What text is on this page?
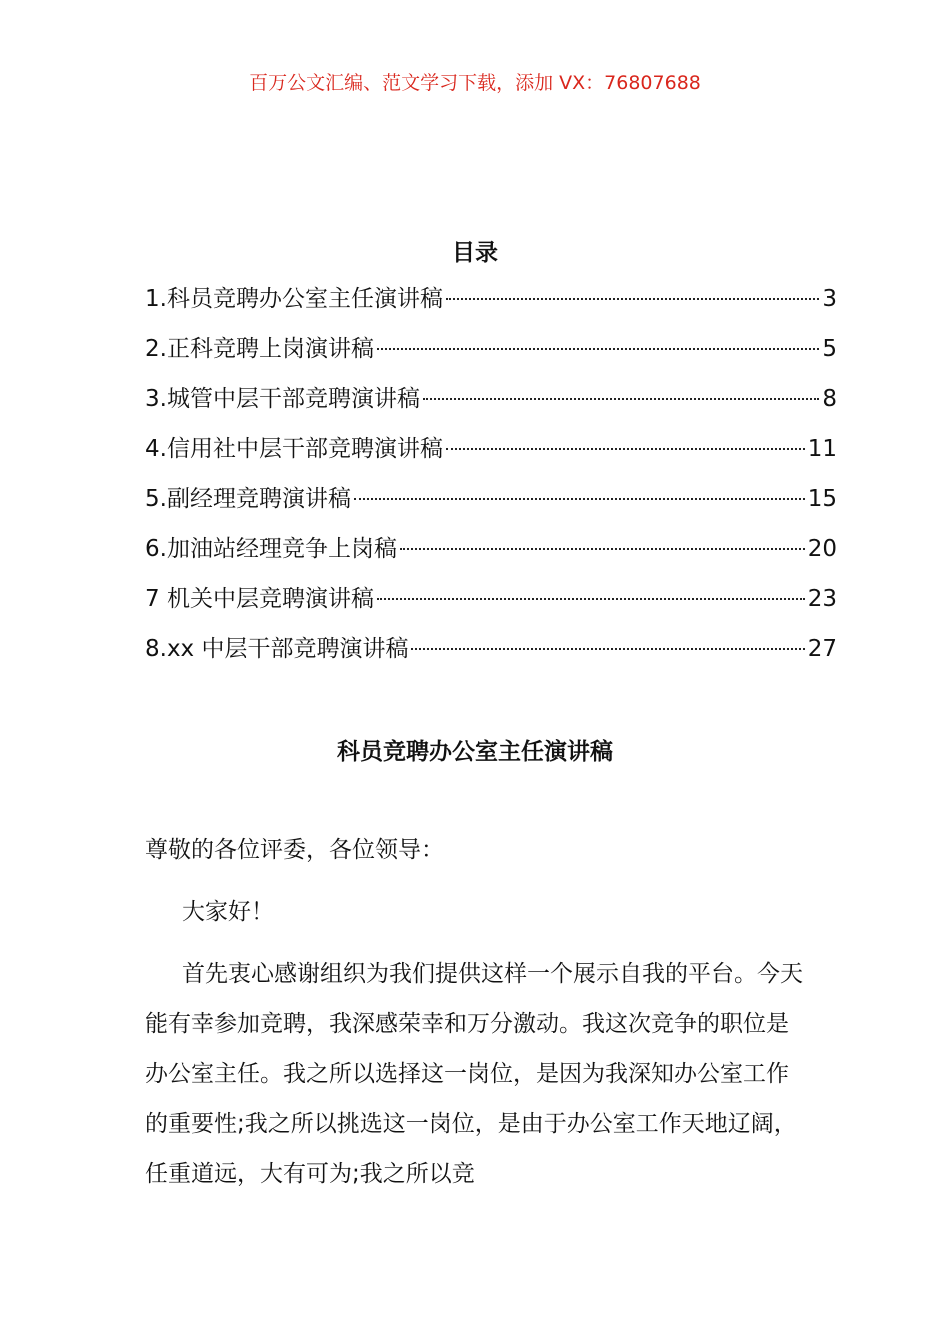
百万公文汇编、范文学习下载，添加 VX：76807688
目录
1.科员竞聘办公室主任演讲稿	3
2.正科竞聘上岗演讲稿	5
3.城管中层干部竞聘演讲稿	8
4.信用社中层干部竞聘演讲稿	11
5.副经理竞聘演讲稿	15
6.加油站经理竞争上岗稿	20
7 机关中层竞聘演讲稿	23
8.xx 中层干部竞聘演讲稿	27
科员竞聘办公室主任演讲稿
尊敬的各位评委，各位领导：
大家好！
首先衷心感谢组织为我们提供这样一个展示自我的平台。今天能有幸参加竞聘，我深感荣幸和万分激动。我这次竞争的职位是办公室主任。我之所以选择这一岗位，是因为我深知办公室工作的重要性;我之所以挑选这一岗位，是由于办公室工作天地辽阔，任重道远，大有可为;我之所以竞
